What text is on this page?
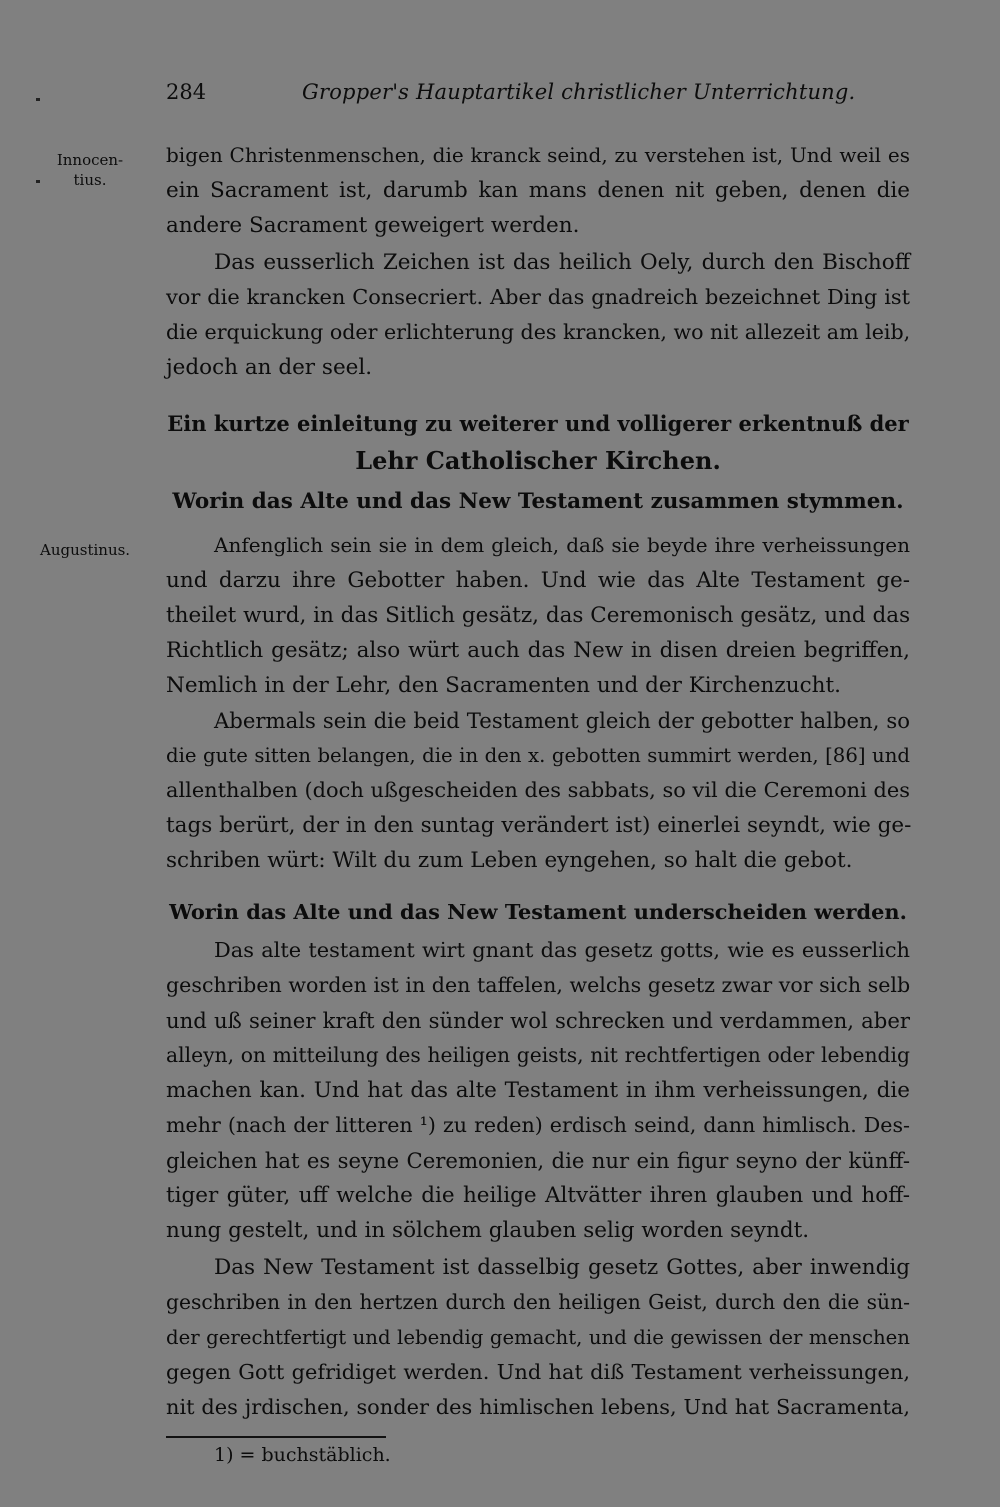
284	Gropper's Hauptartikel christlicher Unterrichtung.
Innocen-
tius.
bigen Christenmenschen, die kranck seind, zu verstehen ist, Und weil es
ein Sacrament ist, darumb kan mans denen nit geben, denen die
andere Sacrament geweigert werden.
Das eusserlich Zeichen ist das heilich Oely, durch den Bischoff
vor die krancken Consecriert. Aber das gnadreich bezeichnet Ding ist
die erquickung oder erlichterung des krancken, wo nit allezeit am leib,
jedoch an der seel.
Ein kurtze einleitung zu weiterer und volligerer erkentnuß der
Lehr Catholischer Kirchen.
Worin das Alte und das New Testament zusammen stymmen.
Augustinus.	Anfenglich sein sie in dem gleich, daß sie beyde ihre verheissungen
und darzu ihre Gebotter haben. Und wie das Alte Testament ge-
theilet wurd, in das Sitlich gesätz, das Ceremonisch gesätz, und das
Richtlich gesätz; also würt auch das New in disen dreien begriffen,
Nemlich in der Lehr, den Sacramenten und der Kirchenzucht.
Abermals sein die beid Testament gleich der gebotter halben, so
die gute sitten belangen, die in den x. gebotten summirt werden, [86] und
allenthalben (doch ußgescheiden des sabbats, so vil die Ceremoni des
tags berürt, der in den suntag verändert ist) einerlei seyndt, wie ge-
schriben würt: Wilt du zum Leben eyngehen, so halt die gebot.
Worin das Alte und das New Testament underscheiden werden.
Das alte testament wirt gnant das gesetz gotts, wie es eusserlich
geschriben worden ist in den taffelen, welchs gesetz zwar vor sich selb
und uß seiner kraft den sünder wol schrecken und verdammen, aber
alleyn, on mitteilung des heiligen geists, nit rechtfertigen oder lebendig
machen kan. Und hat das alte Testament in ihm verheissungen, die
mehr (nach der litteren ¹) zu reden) erdisch seind, dann himlisch. Des-
gleichen hat es seyne Ceremonien, die nur ein figur seyno der künff-
tiger güter, uff welche die heilige Altvätter ihren glauben und hoff-
nung gestelt, und in sölchem glauben selig worden seyndt.
Das New Testament ist dasselbig gesetz Gottes, aber inwendig
geschriben in den hertzen durch den heiligen Geist, durch den die sün-
der gerechtfertigt und lebendig gemacht, und die gewissen der menschen
gegen Gott gefridiget werden. Und hat diß Testament verheissungen,
nit des jrdischen, sonder des himlischen lebens, Und hat Sacramenta,
1) = buchstäblich.
